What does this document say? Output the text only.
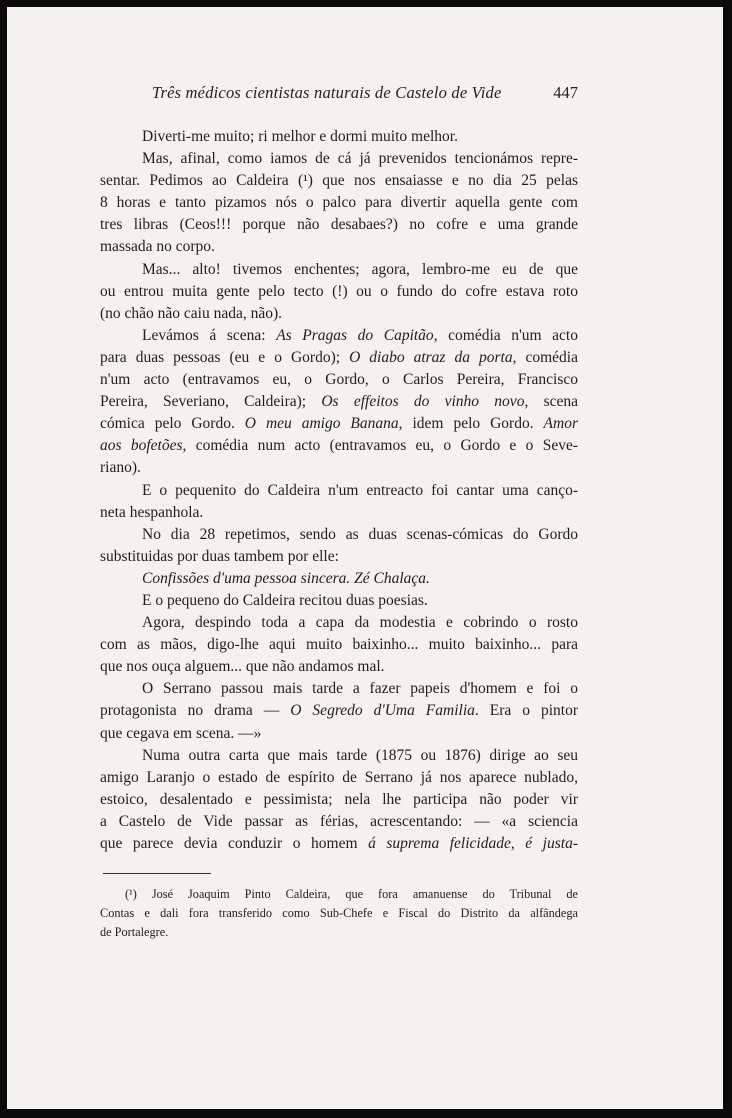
Três médicos cientistas naturais de Castelo de Vide	447
Diverti-me muito; ri melhor e dormi muito melhor.
Mas, afinal, como iamos de cá já prevenidos tencionámos repre-
sentar. Pedimos ao Caldeira (¹) que nos ensaiasse e no dia 25 pelas
8 horas e tanto pizamos nós o palco para divertir aquella gente com
tres libras (Ceos!!! porque não desabaes?) no cofre e uma grande
massada no corpo.
Mas... alto! tivemos enchentes; agora, lembro-me eu de que
ou entrou muita gente pelo tecto (!) ou o fundo do cofre estava roto
(no chão não caiu nada, não).
Levámos á scena: As Pragas do Capitão, comédia n'um acto
para duas pessoas (eu e o Gordo); O diabo atraz da porta, comédia
n'um acto (entravamos eu, o Gordo, o Carlos Pereira, Francisco
Pereira, Severiano, Caldeira); Os effeitos do vinho novo, scena
cómica pelo Gordo. O meu amigo Banana, idem pelo Gordo. Amor
aos bofetões, comédia num acto (entravamos eu, o Gordo e o Seve-
riano).
E o pequenito do Caldeira n'um entreacto foi cantar uma canço-
neta hespanhola.
No dia 28 repetimos, sendo as duas scenas-cómicas do Gordo
substituidas por duas tambem por elle:
Confissões d'uma pessoa sincera. Zé Chalaça.
E o pequeno do Caldeira recitou duas poesias.
Agora, despindo toda a capa da modestia e cobrindo o rosto
com as mãos, digo-lhe aqui muito baixinho... muito baixinho... para
que nos ouça alguem... que não andamos mal.
O Serrano passou mais tarde a fazer papeis d'homem e foi o
protagonista no drama — O Segredo d'Uma Familia. Era o pintor
que cegava em scena. —»
Numa outra carta que mais tarde (1875 ou 1876) dirige ao seu
amigo Laranjo o estado de espírito de Serrano já nos aparece nublado,
estoico, desalentado e pessimista; nela lhe participa não poder vir
a Castelo de Vide passar as férias, acrescentando: — «a sciencia
que parece devia conduzir o homem á suprema felicidade, é justa-
(¹) José Joaquim Pinto Caldeira, que fora amanuense do Tribunal de
Contas e dali fora transferido como Sub-Chefe e Fiscal do Distrito da alfândega
de Portalegre.
